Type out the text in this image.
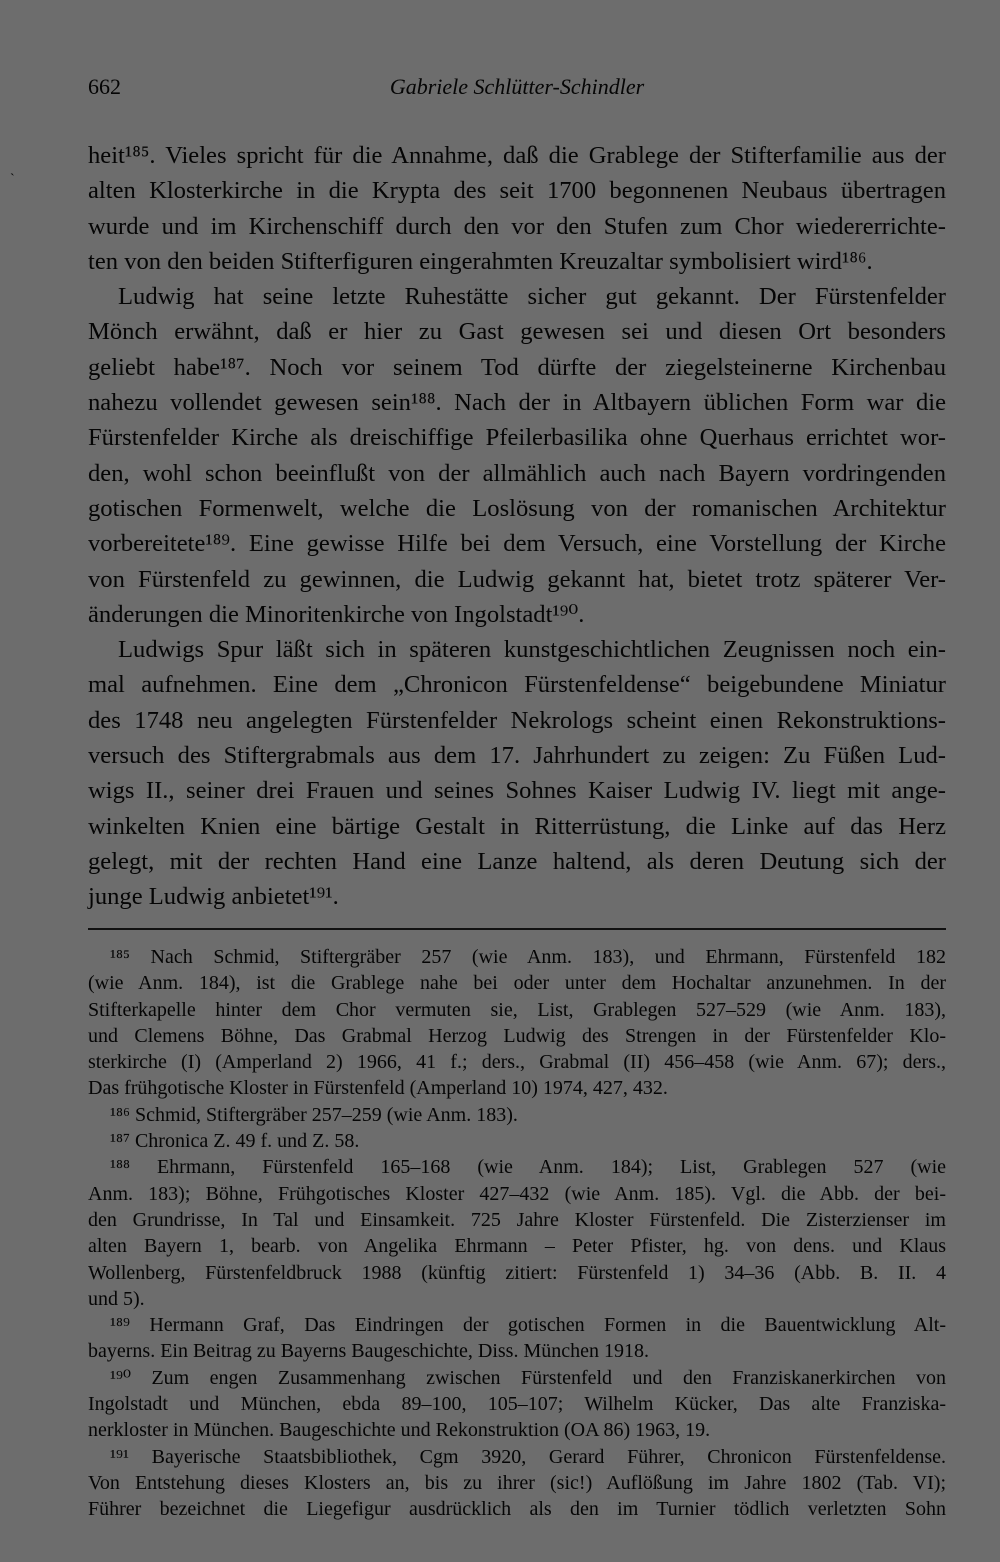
662	Gabriele Schlütter-Schindler
`
heit¹⁸⁵. Vieles spricht für die Annahme, daß die Grablege der Stifterfamilie aus der
alten Klosterkirche in die Krypta des seit 1700 begonnenen Neubaus übertragen
wurde und im Kirchenschiff durch den vor den Stufen zum Chor wiedererrichte-
ten von den beiden Stifterfiguren eingerahmten Kreuzaltar symbolisiert wird¹⁸⁶.
Ludwig hat seine letzte Ruhestätte sicher gut gekannt. Der Fürstenfelder
Mönch erwähnt, daß er hier zu Gast gewesen sei und diesen Ort besonders
geliebt habe¹⁸⁷. Noch vor seinem Tod dürfte der ziegelsteinerne Kirchenbau
nahezu vollendet gewesen sein¹⁸⁸. Nach der in Altbayern üblichen Form war die
Fürstenfelder Kirche als dreischiffige Pfeilerbasilika ohne Querhaus errichtet wor-
den, wohl schon beeinflußt von der allmählich auch nach Bayern vordringenden
gotischen Formenwelt, welche die Loslösung von der romanischen Architektur
vorbereitete¹⁸⁹. Eine gewisse Hilfe bei dem Versuch, eine Vorstellung der Kirche
von Fürstenfeld zu gewinnen, die Ludwig gekannt hat, bietet trotz späterer Ver-
änderungen die Minoritenkirche von Ingolstadt¹⁹⁰.
Ludwigs Spur läßt sich in späteren kunstgeschichtlichen Zeugnissen noch ein-
mal aufnehmen. Eine dem „Chronicon Fürstenfeldense“ beigebundene Miniatur
des 1748 neu angelegten Fürstenfelder Nekrologs scheint einen Rekonstruktions-
versuch des Stiftergrabmals aus dem 17. Jahrhundert zu zeigen: Zu Füßen Lud-
wigs II., seiner drei Frauen und seines Sohnes Kaiser Ludwig IV. liegt mit ange-
winkelten Knien eine bärtige Gestalt in Ritterrüstung, die Linke auf das Herz
gelegt, mit der rechten Hand eine Lanze haltend, als deren Deutung sich der
junge Ludwig anbietet¹⁹¹.
¹⁸⁵ Nach Schmid, Stiftergräber 257 (wie Anm. 183), und Ehrmann, Fürstenfeld 182
(wie Anm. 184), ist die Grablege nahe bei oder unter dem Hochaltar anzunehmen. In der
Stifterkapelle hinter dem Chor vermuten sie, List, Grablegen 527–529 (wie Anm. 183),
und Clemens Böhne, Das Grabmal Herzog Ludwig des Strengen in der Fürstenfelder Klo-
sterkirche (I) (Amperland 2) 1966, 41 f.; ders., Grabmal (II) 456–458 (wie Anm. 67); ders.,
Das frühgotische Kloster in Fürstenfeld (Amperland 10) 1974, 427, 432.
¹⁸⁶ Schmid, Stiftergräber 257–259 (wie Anm. 183).
¹⁸⁷ Chronica Z. 49 f. und Z. 58.
¹⁸⁸ Ehrmann, Fürstenfeld 165–168 (wie Anm. 184); List, Grablegen 527 (wie
Anm. 183); Böhne, Frühgotisches Kloster 427–432 (wie Anm. 185). Vgl. die Abb. der bei-
den Grundrisse, In Tal und Einsamkeit. 725 Jahre Kloster Fürstenfeld. Die Zisterzienser im
alten Bayern 1, bearb. von Angelika Ehrmann – Peter Pfister, hg. von dens. und Klaus
Wollenberg, Fürstenfeldbruck 1988 (künftig zitiert: Fürstenfeld 1) 34–36 (Abb. B. II. 4
und 5).
¹⁸⁹ Hermann Graf, Das Eindringen der gotischen Formen in die Bauentwicklung Alt-
bayerns. Ein Beitrag zu Bayerns Baugeschichte, Diss. München 1918.
¹⁹⁰ Zum engen Zusammenhang zwischen Fürstenfeld und den Franziskanerkirchen von
Ingolstadt und München, ebda 89–100, 105–107; Wilhelm Kücker, Das alte Franziska-
nerkloster in München. Baugeschichte und Rekonstruktion (OA 86) 1963, 19.
¹⁹¹ Bayerische Staatsbibliothek, Cgm 3920, Gerard Führer, Chronicon Fürstenfeldense.
Von Entstehung dieses Klosters an, bis zu ihrer (sic!) Auflößung im Jahre 1802 (Tab. VI);
Führer bezeichnet die Liegefigur ausdrücklich als den im Turnier tödlich verletzten Sohn
